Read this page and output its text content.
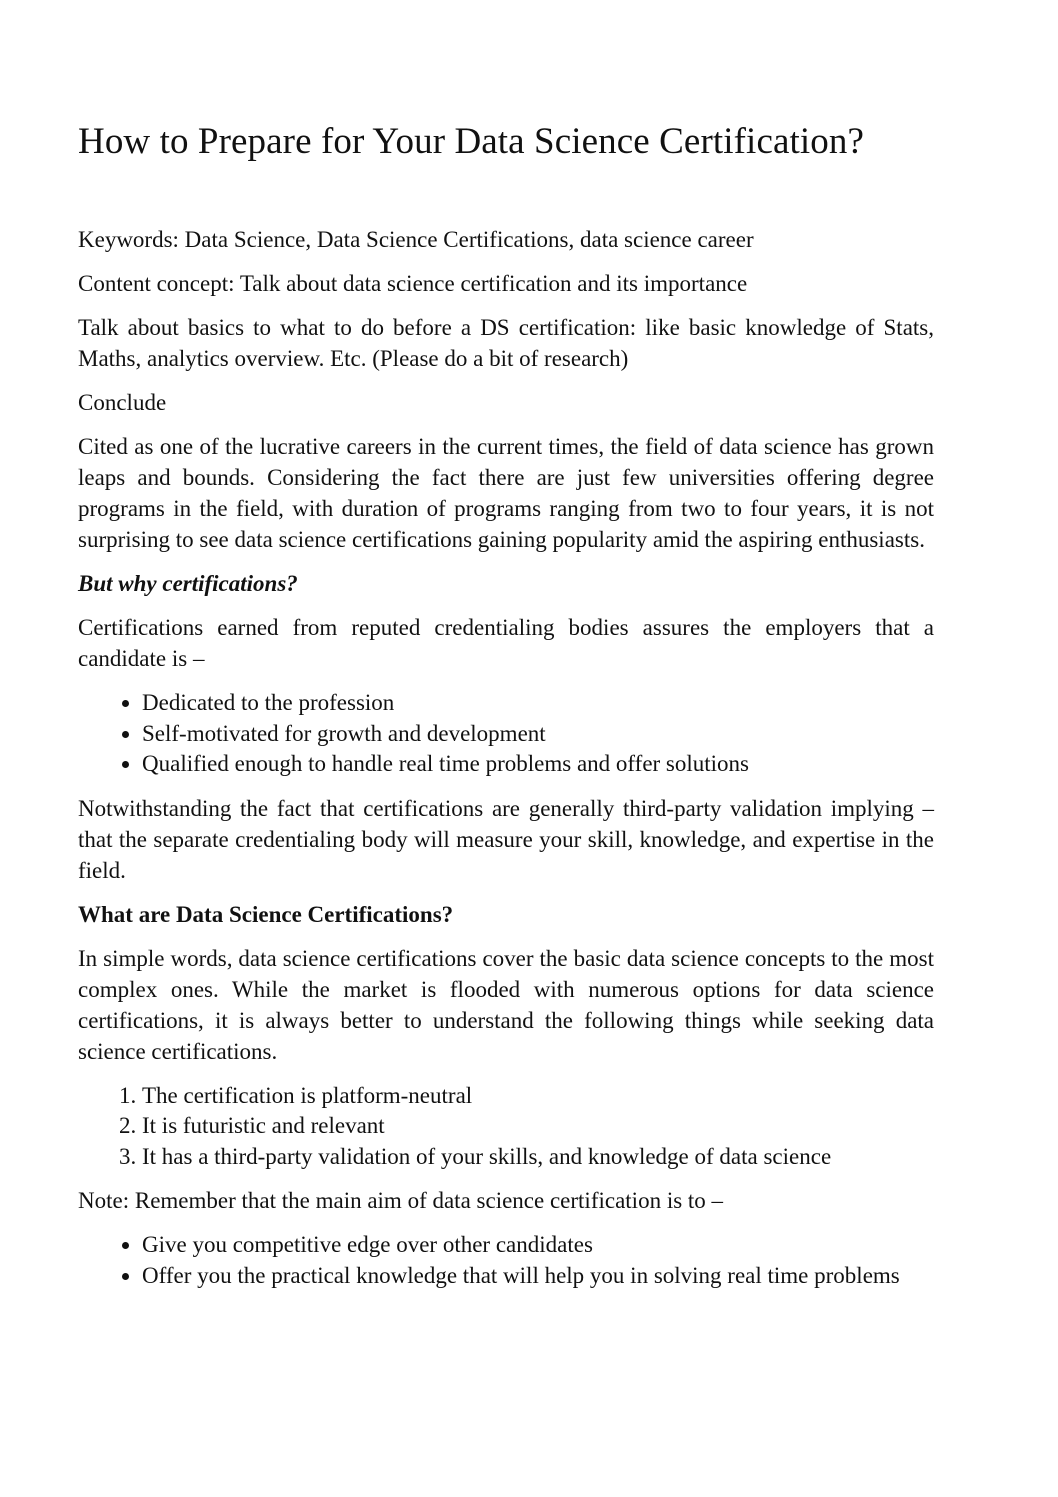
How to Prepare for Your Data Science Certification?

Keywords: Data Science, Data Science Certifications, data science career

Content concept: Talk about data science certification and its importance

Talk about basics to what to do before a DS certification: like basic knowledge of Stats, Maths, analytics overview. Etc. (Please do a bit of research)

Conclude

Cited as one of the lucrative careers in the current times, the field of data science has grown leaps and bounds. Considering the fact there are just few universities offering degree programs in the field, with duration of programs ranging from two to four years, it is not surprising to see data science certifications gaining popularity amid the aspiring enthusiasts.

But why certifications?

Certifications earned from reputed credentialing bodies assures the employers that a candidate is –

• Dedicated to the profession
• Self-motivated for growth and development
• Qualified enough to handle real time problems and offer solutions

Notwithstanding the fact that certifications are generally third-party validation implying – that the separate credentialing body will measure your skill, knowledge, and expertise in the field.

What are Data Science Certifications?

In simple words, data science certifications cover the basic data science concepts to the most complex ones. While the market is flooded with numerous options for data science certifications, it is always better to understand the following things while seeking data science certifications.

1. The certification is platform-neutral
2. It is futuristic and relevant
3. It has a third-party validation of your skills, and knowledge of data science

Note: Remember that the main aim of data science certification is to –

• Give you competitive edge over other candidates
• Offer you the practical knowledge that will help you in solving real time problems
